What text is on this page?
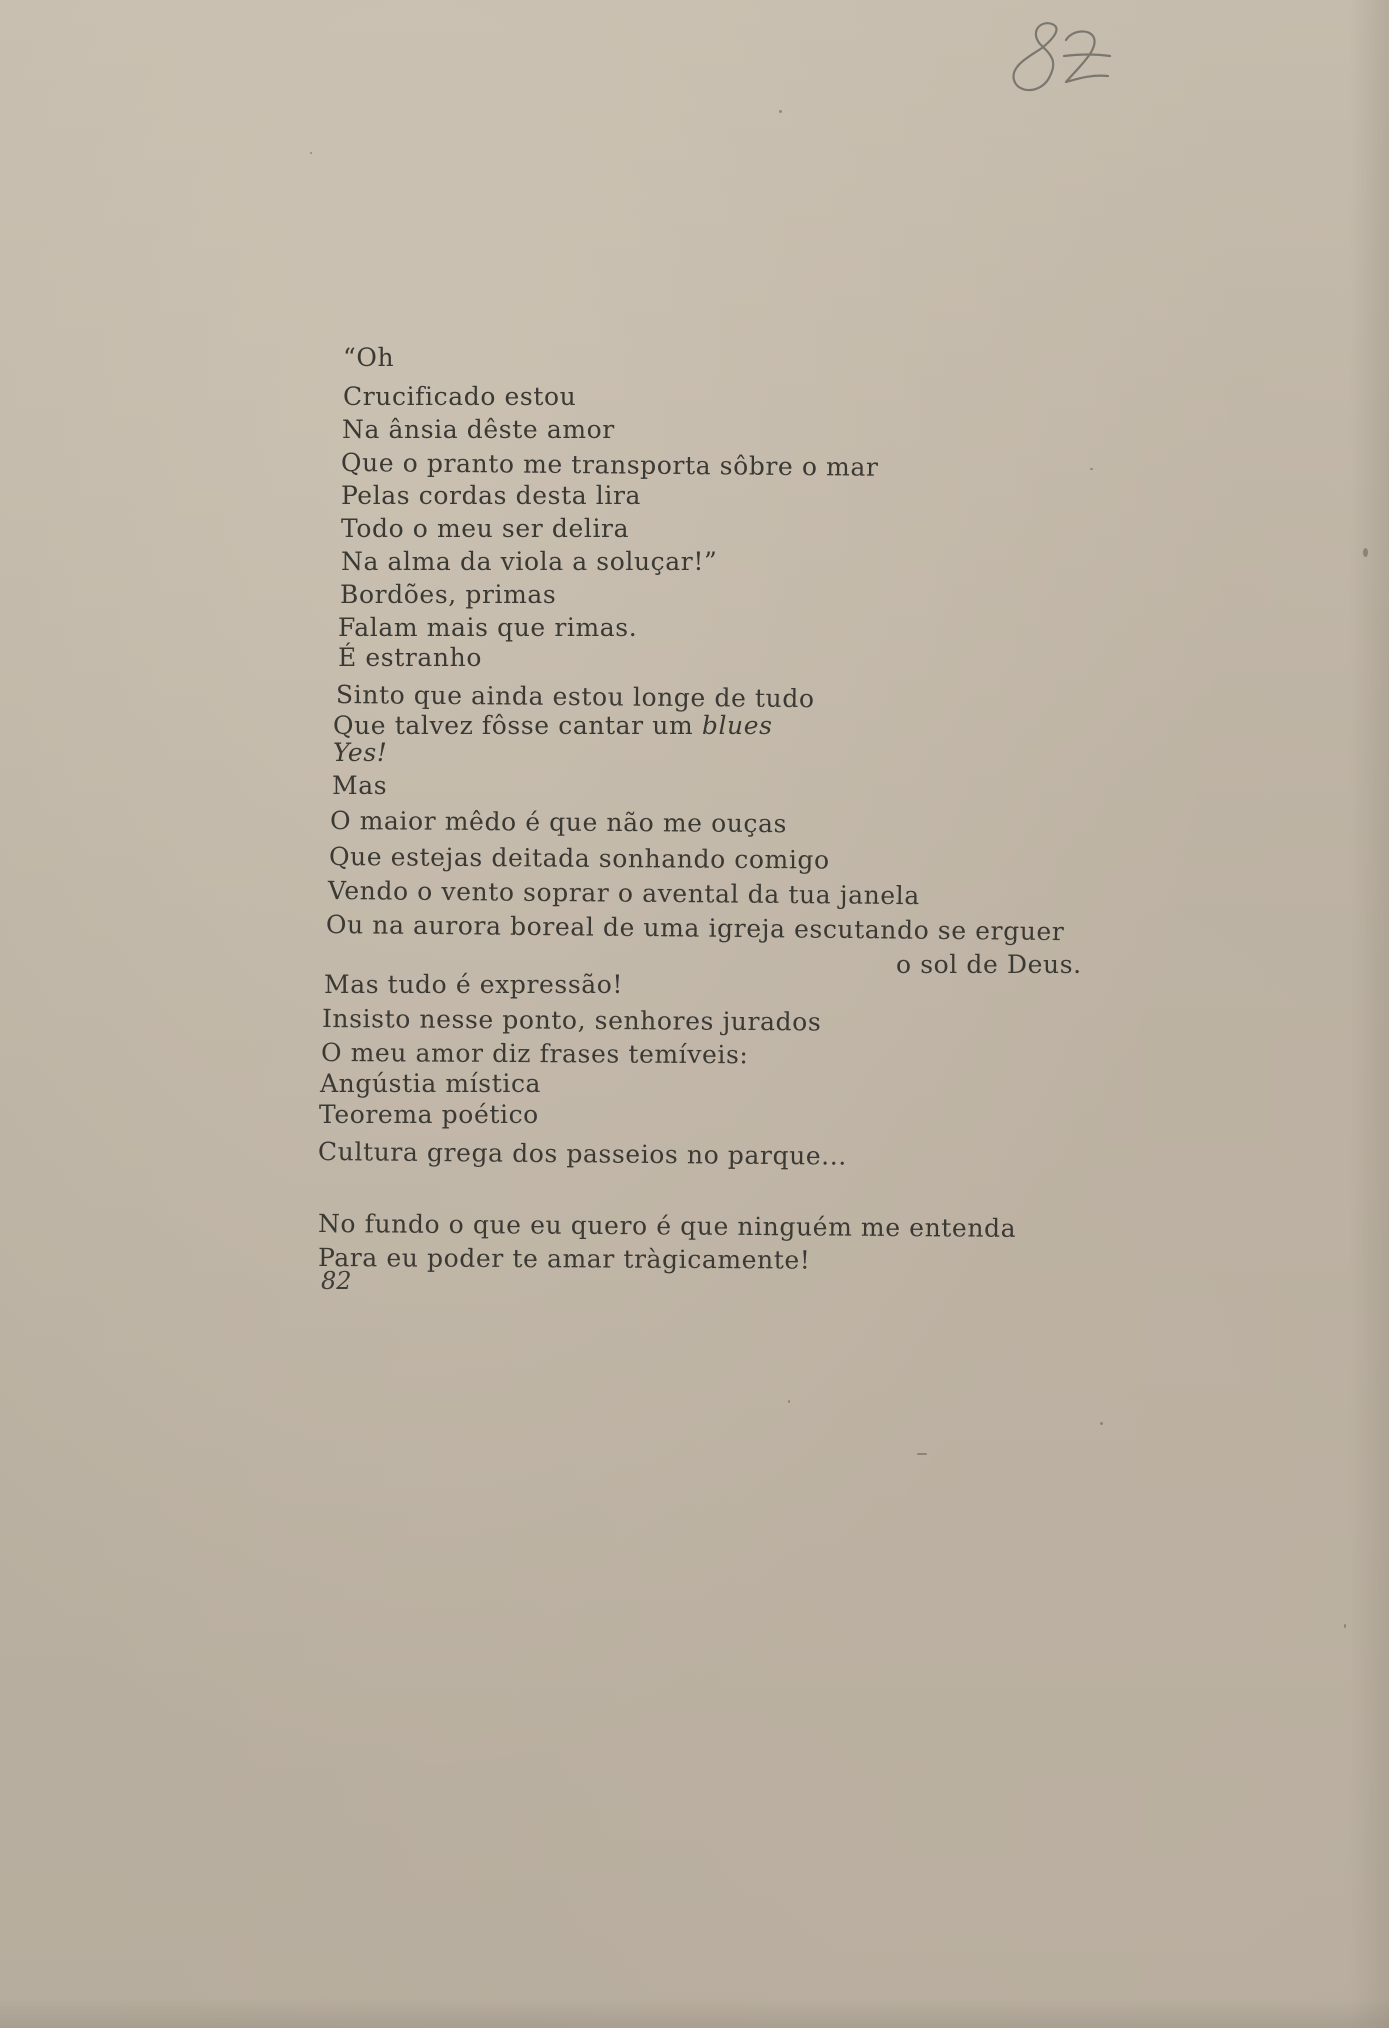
“Oh
Crucificado estou
Na ânsia dêste amor
Que o pranto me transporta sôbre o mar
Pelas cordas desta lira
Todo o meu ser delira
Na alma da viola a soluçar!”
Bordões, primas
Falam mais que rimas.
É estranho
Sinto que ainda estou longe de tudo
Que talvez fôsse cantar um blues
Yes!
Mas
O maior mêdo é que não me ouças
Que estejas deitada sonhando comigo
Vendo o vento soprar o avental da tua janela
Ou na aurora boreal de uma igreja escutando se erguer
o sol de Deus.
Mas tudo é expressão!
Insisto nesse ponto, senhores jurados
O meu amor diz frases temíveis:
Angústia mística
Teorema poético
Cultura grega dos passeios no parque...
No fundo o que eu quero é que ninguém me entenda
Para eu poder te amar tràgicamente!
82
